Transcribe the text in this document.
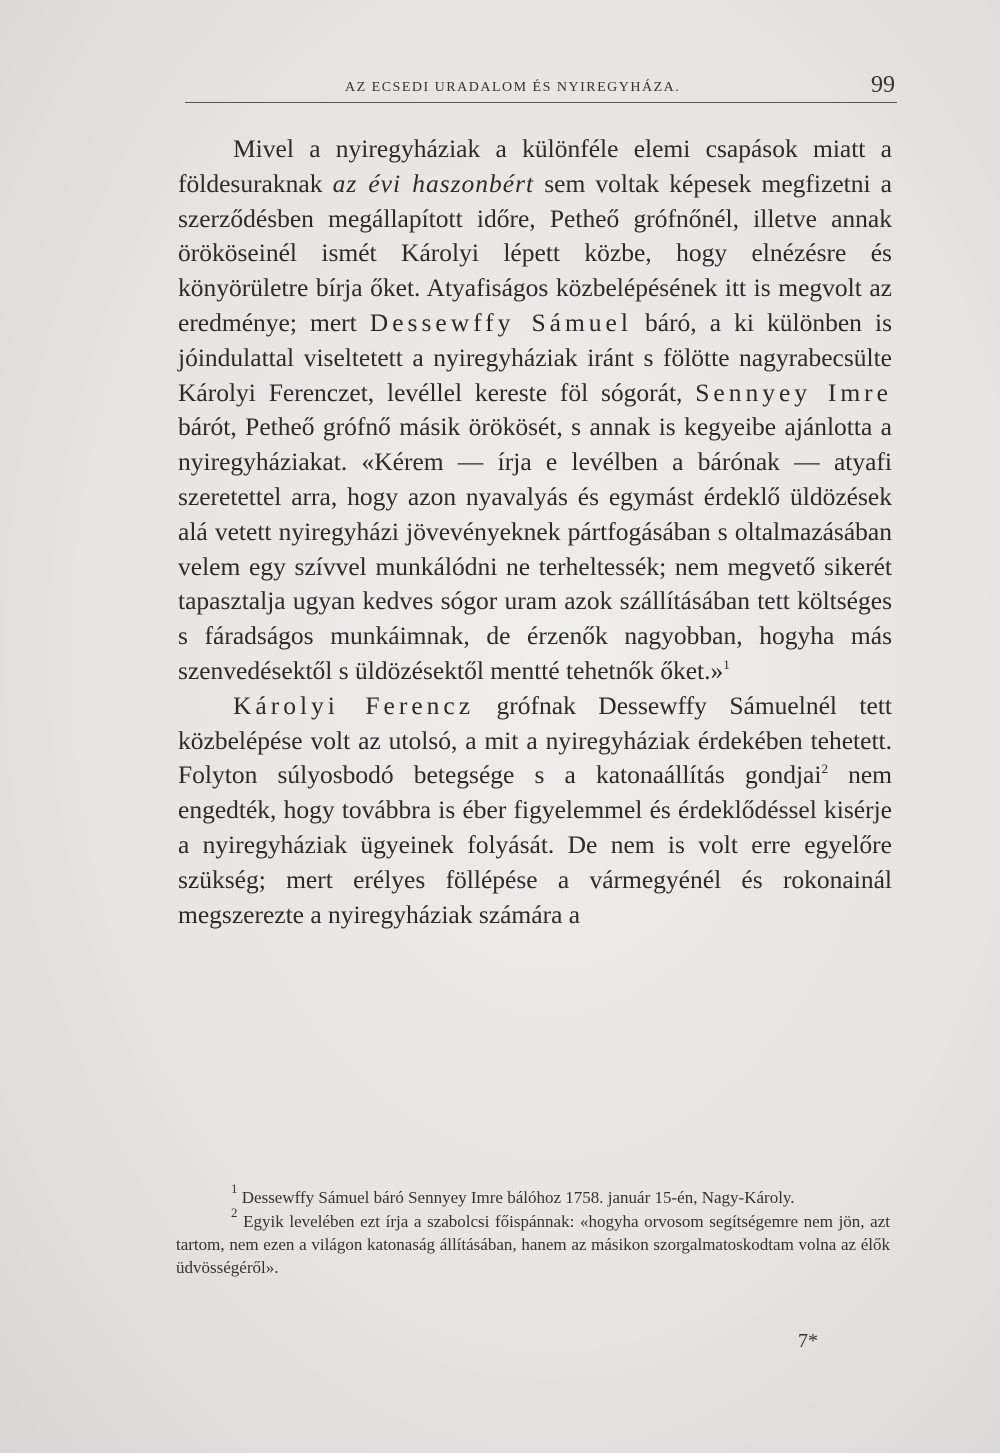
AZ ECSEDI URADALOM ÉS NYIREGYHÁZA.	99

Mivel a nyiregyháziak a különféle elemi csapások miatt a földesuraknak az évi haszonbért sem voltak képesek megfizetni a szerződésben megállapított időre, Petheő grófnőnél, illetve annak örököseinél ismét Károlyi lépett közbe, hogy elnézésre és könyörületre bírja őket. Atyafiságos közbelépésének itt is megvolt az eredménye; mert Dessewffy Sámuel báró, a ki különben is jóindulattal viseltetett a nyiregyháziak iránt s fölötte nagyrabecsülte Károlyi Ferenczet, levéllel kereste föl sógorát, Sennyey Imre bárót, Petheő grófnő másik örökösét, s annak is kegyeibe ajánlotta a nyiregyháziakat. «Kérem — írja e levélben a bárónak — atyafi szeretettel arra, hogy azon nyavalyás és egymást érdeklő üldözések alá vetett nyiregyházi jövevényeknek pártfogásában s oltalmazásában velem egy szívvel munkálódni ne terheltessék; nem megvető sikerét tapasztalja ugyan kedves sógor uram azok szállításában tett költséges s fáradságos munkáimnak, de érzenők nagyobban, hogyha más szenvedésektől s üldözésektől mentté tehetnők őket.»$^1$

Károlyi Ferencz grófnak Dessewffy Sámuelnél tett közbelépése volt az utolsó, a mit a nyiregyháziak érdekében tehetett. Folyton súlyosbodó betegsége s a katonaállítás gondjai$^2$ nem engedték, hogy továbbra is éber figyelemmel és érdeklődéssel kisérje a nyiregyháziak ügyeinek folyását. De nem is volt erre egyelőre szükség; mert erélyes föllépése a vármegyénél és rokonainál megszerezte a nyiregyháziak számára a

$^1$ Dessewffy Sámuel báró Sennyey Imre bálóhoz 1758. január 15-én, Nagy-Károly.

$^2$ Egyik levelében ezt írja a szabolcsi főispánnak: «hogyha orvosom segítségemre nem jön, azt tartom, nem ezen a világon katonaság állításában, hanem az másikon szorgalmatoskodtam volna az élők üdvösségéről».

7*
